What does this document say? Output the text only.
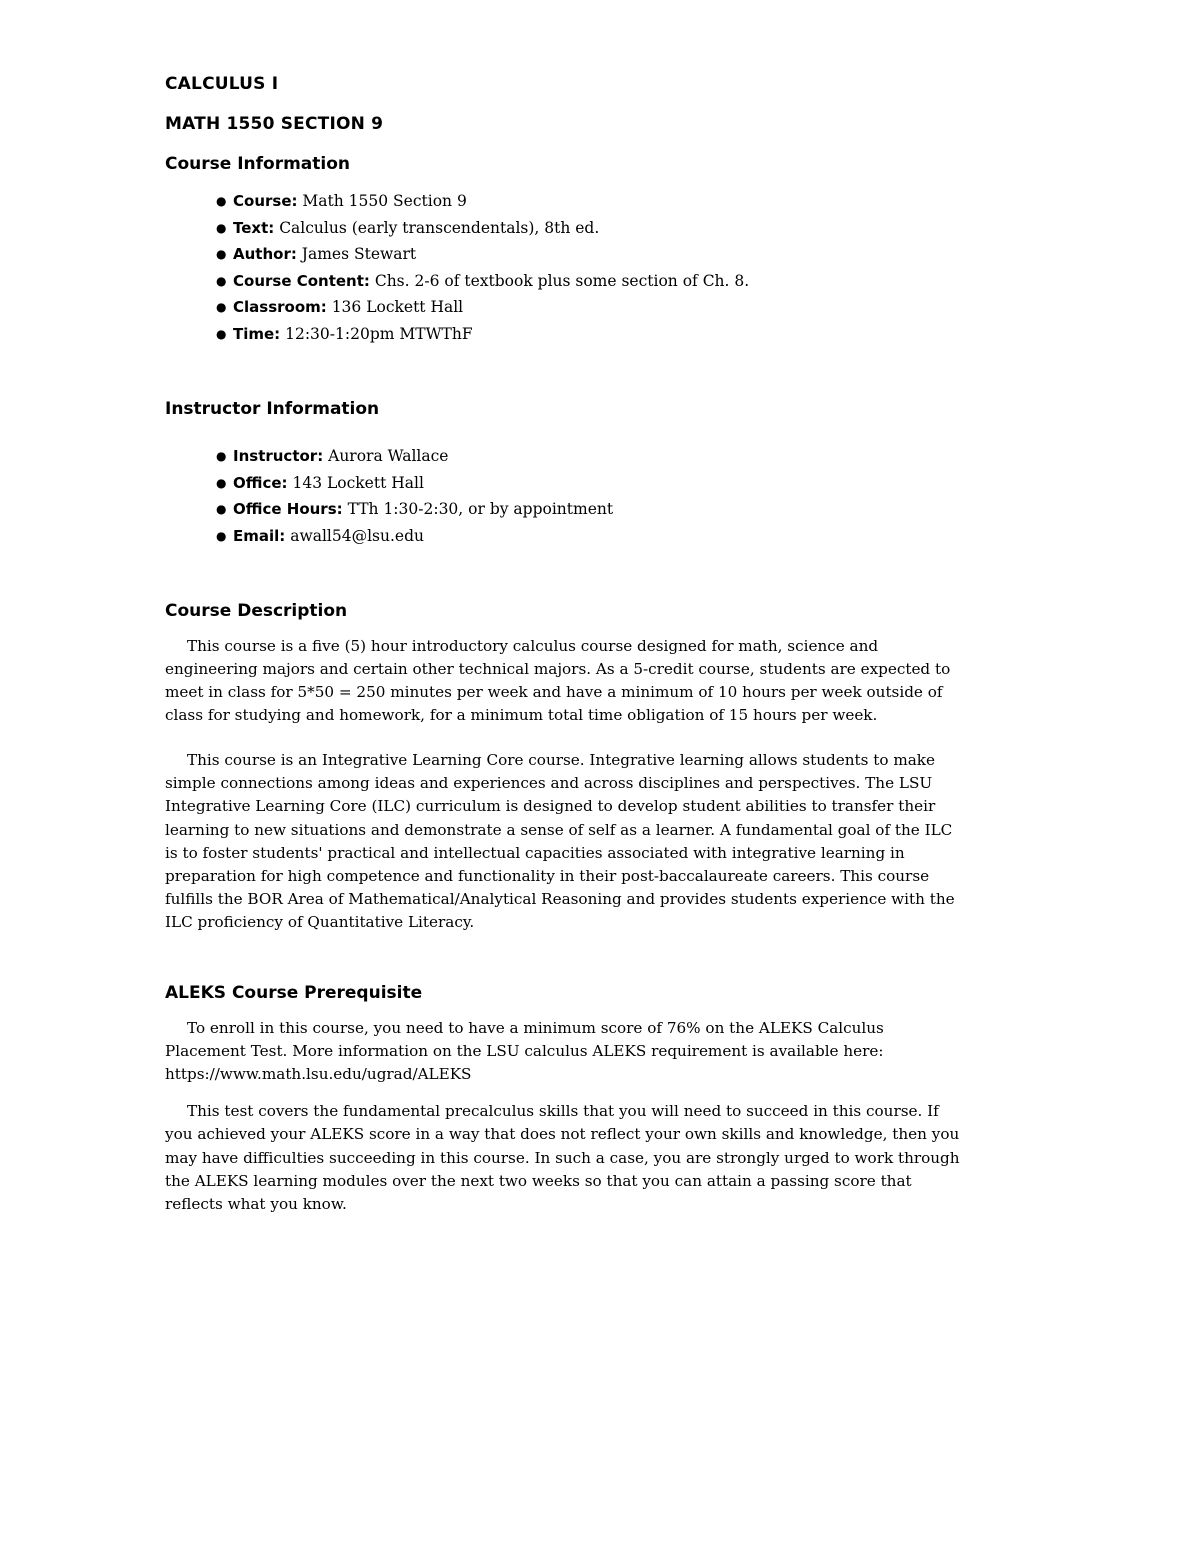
CALCULUS I
MATH 1550 SECTION 9
Course Information
● Course: Math 1550 Section 9
● Text: Calculus (early transcendentals), 8th ed.
● Author: James Stewart
● Course Content: Chs. 2-6 of textbook plus some section of Ch. 8.
● Classroom: 136 Lockett Hall
● Time: 12:30-1:20pm MTWThF
Instructor Information
● Instructor: Aurora Wallace
● Office: 143 Lockett Hall
● Office Hours: TTh 1:30-2:30, or by appointment
● Email: awall54@lsu.edu
Course Description

This course is a five (5) hour introductory calculus course designed for math, science and engineering majors and certain other technical majors. As a 5-credit course, students are expected to meet in class for 5*50 = 250 minutes per week and have a minimum of 10 hours per week outside of class for studying and homework, for a minimum total time obligation of 15 hours per week.

This course is an Integrative Learning Core course. Integrative learning allows students to make simple connections among ideas and experiences and across disciplines and perspectives. The LSU Integrative Learning Core (ILC) curriculum is designed to develop student abilities to transfer their learning to new situations and demonstrate a sense of self as a learner. A fundamental goal of the ILC is to foster students' practical and intellectual capacities associated with integrative learning in preparation for high competence and functionality in their post-baccalaureate careers. This course fulfills the BOR Area of Mathematical/Analytical Reasoning and provides students experience with the ILC proficiency of Quantitative Literacy.

ALEKS Course Prerequisite

To enroll in this course, you need to have a minimum score of 76% on the ALEKS Calculus Placement Test. More information on the LSU calculus ALEKS requirement is available here: https://www.math.lsu.edu/ugrad/ALEKS

This test covers the fundamental precalculus skills that you will need to succeed in this course. If you achieved your ALEKS score in a way that does not reflect your own skills and knowledge, then you may have difficulties succeeding in this course. In such a case, you are strongly urged to work through the ALEKS learning modules over the next two weeks so that you can attain a passing score that reflects what you know.
